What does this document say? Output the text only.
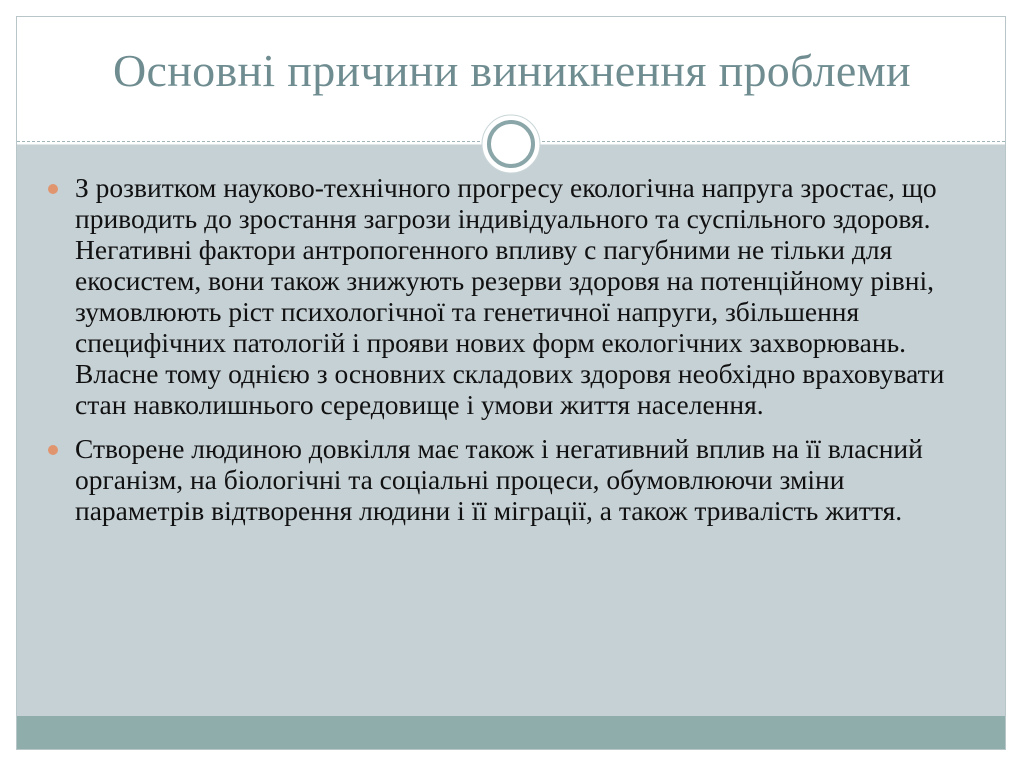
Основні причини виникнення проблеми
З розвитком науково-технічного прогресу екологічна напруга зростає, що приводить до зростання загрози індивідуального та суспільного здоровя. Негативні фактори антропогенного впливу с пагубними не тільки для екосистем, вони також знижують резерви здоровя на потенційному рівні, зумовлюють ріст психологічної та генетичної напруги, збільшення специфічних патологій і прояви нових форм екологічних захворювань. Власне тому однією з основних складових здоровя необхідно враховувати стан навколишнього середовище і умови життя населення.
Створене людиною довкілля має також і негативний вплив на її власний організм, на біологічні та соціальні процеси, обумовлюючи зміни параметрів відтворення людини і її міграції, а також тривалість життя.
